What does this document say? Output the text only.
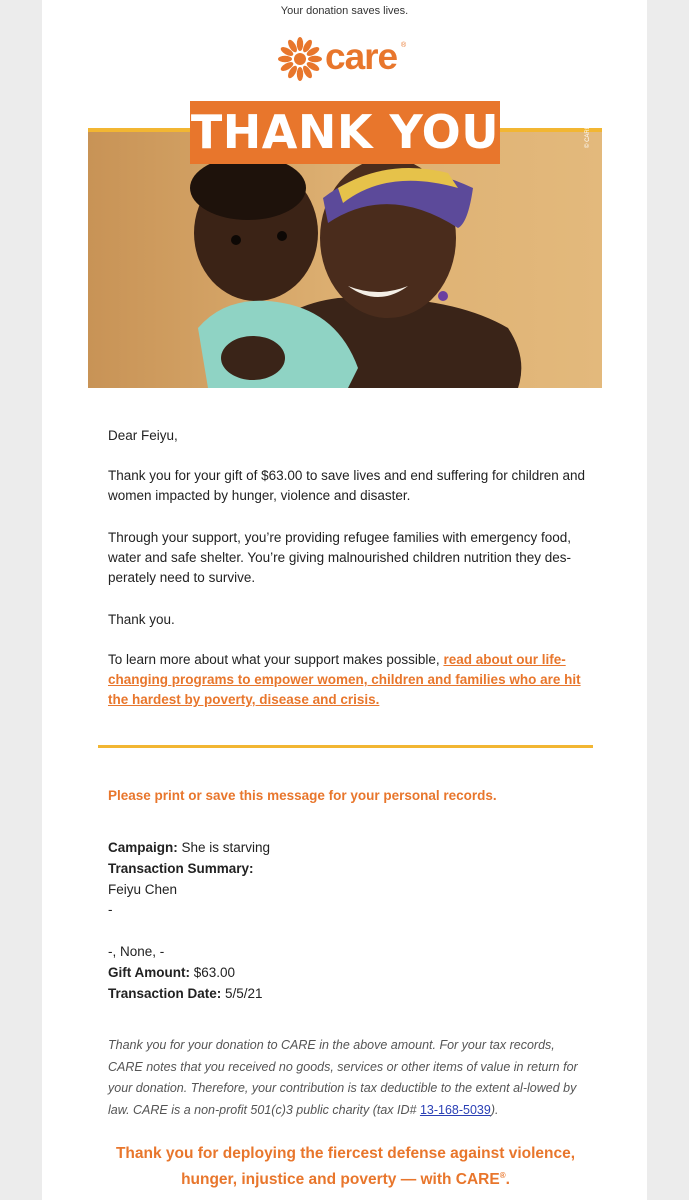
Your donation saves lives.
care ®
THANK YOU	© CARE
Dear Feiyu,
Thank you for your gift of $63.00 to save lives and end suffering for children and women impacted by hunger, violence and disaster.
Through your support, you’re providing refugee families with emergency food, water and safe shelter. You’re giving malnourished children nutrition they des-perately need to survive.
Thank you.
To learn more about what your support makes possible, read about our life-changing programs to empower women, children and families who are hit the hardest by poverty, disease and crisis.
Please print or save this message for your personal records.
Campaign: She is starving
Transaction Summary:
Feiyu Chen
-
-, None, -
Gift Amount: $63.00
Transaction Date: 5/5/21
Thank you for your donation to CARE in the above amount. For your tax records, CARE notes that you received no goods, services or other items of value in return for your donation. Therefore, your contribution is tax deductible to the extent al-lowed by law. CARE is a non-profit 501(c)3 public charity (tax ID# 13-168-5039).
Thank you for deploying the fiercest defense against violence, hunger, injustice and poverty — with CARE®.
